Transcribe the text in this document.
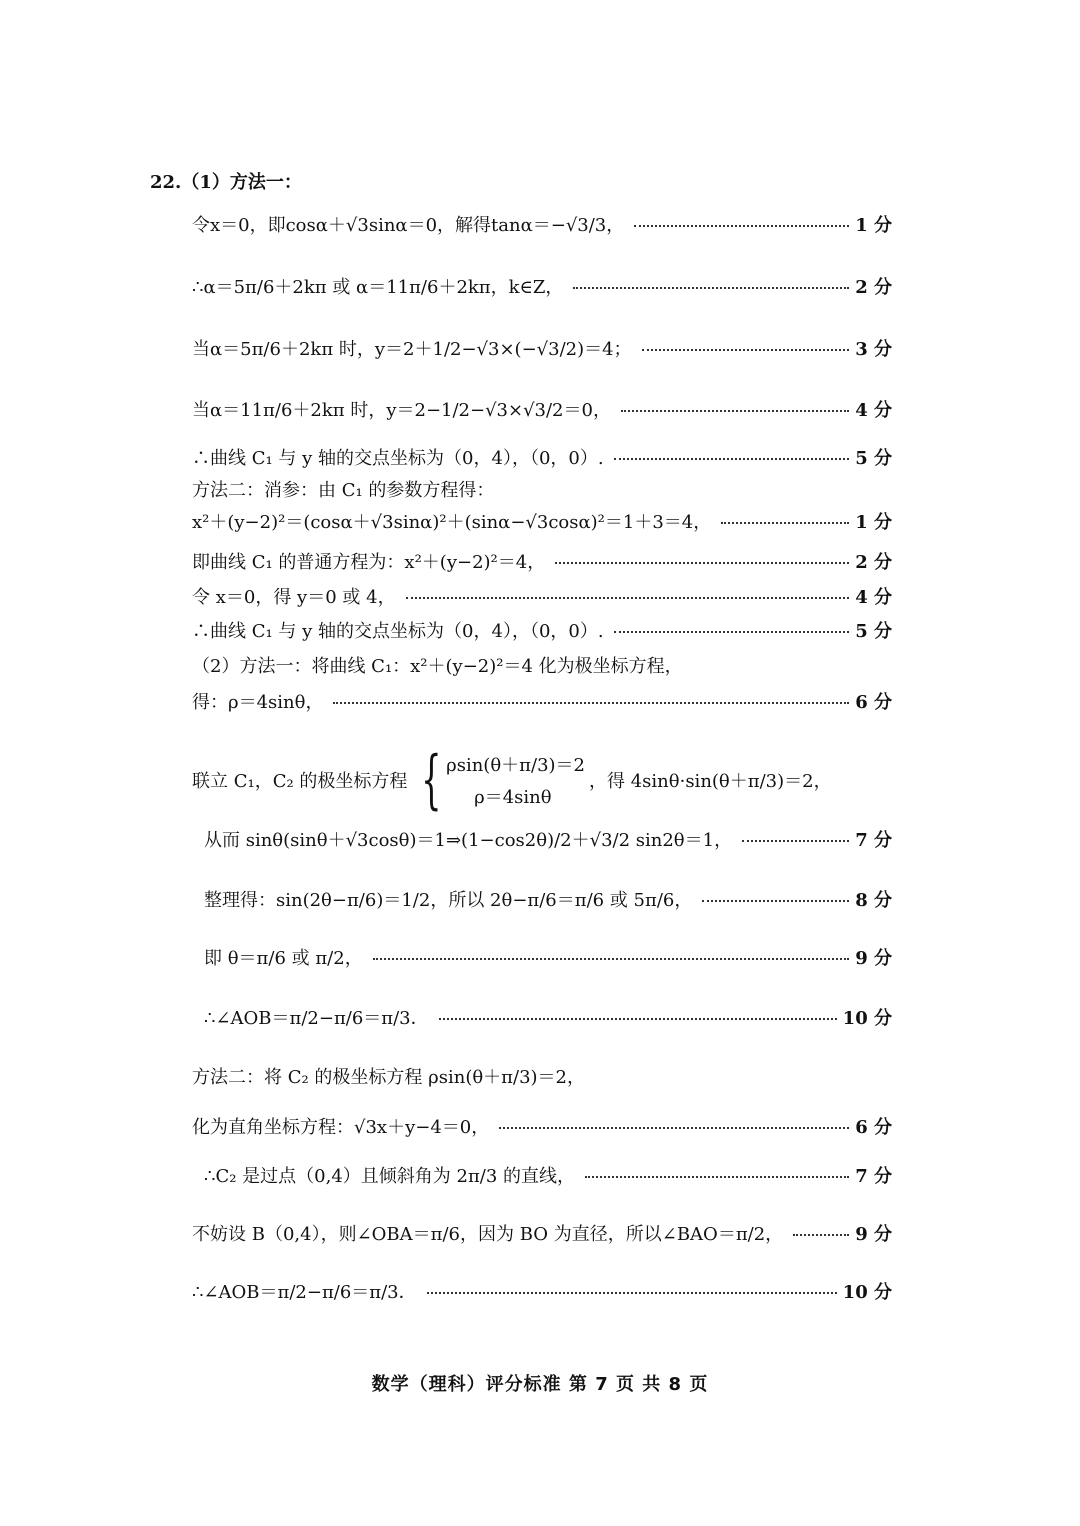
22.（1）方法一：
令x＝0，即cosα＋√3sinα＝0，解得tanα＝−√3/3，	1 分
∴α＝5π/6＋2kπ 或 α＝11π/6＋2kπ，k∈Z，	2 分
当α＝5π/6＋2kπ 时，y＝2＋1/2−√3×(−√3/2)＝4；	3 分
当α＝11π/6＋2kπ 时，y＝2−1/2−√3×√3/2＝0，	4 分
∴曲线 C₁ 与 y 轴的交点坐标为（0，4），（0，0）.	5 分
方法二：消参：由 C₁ 的参数方程得：
x²＋(y−2)²＝(cosα＋√3sinα)²＋(sinα−√3cosα)²＝1＋3＝4，	1 分
即曲线 C₁ 的普通方程为：x²＋(y−2)²＝4，	2 分
令 x＝0，得 y＝0 或 4，	4 分
∴曲线 C₁ 与 y 轴的交点坐标为（0，4），（0，0）.	5 分
（2）方法一：将曲线 C₁：x²＋(y−2)²＝4 化为极坐标方程，
得：ρ＝4sinθ，	6 分
联立 C₁，C₂ 的极坐标方程 { ρsin(θ＋π/3)＝2
ρ＝4sinθ
，得 4sinθ·sin(θ＋π/3)＝2，
从而 sinθ(sinθ＋√3cosθ)＝1⇒(1−cos2θ)/2＋√3/2 sin2θ＝1，	7 分
整理得：sin(2θ−π/6)＝1/2，所以 2θ−π/6＝π/6 或 5π/6，	8 分
即 θ＝π/6 或 π/2，	9 分
∴∠AOB＝π/2−π/6＝π/3．	10 分
方法二：将 C₂ 的极坐标方程 ρsin(θ＋π/3)＝2，
化为直角坐标方程：√3x＋y−4＝0，	6 分
∴C₂ 是过点（0,4）且倾斜角为 2π/3 的直线，	7 分
不妨设 B（0,4），则∠OBA＝π/6，因为 BO 为直径，所以∠BAO＝π/2，	9 分
∴∠AOB＝π/2−π/6＝π/3．	10 分
数学（理科）评分标准 第 7 页 共 8 页
